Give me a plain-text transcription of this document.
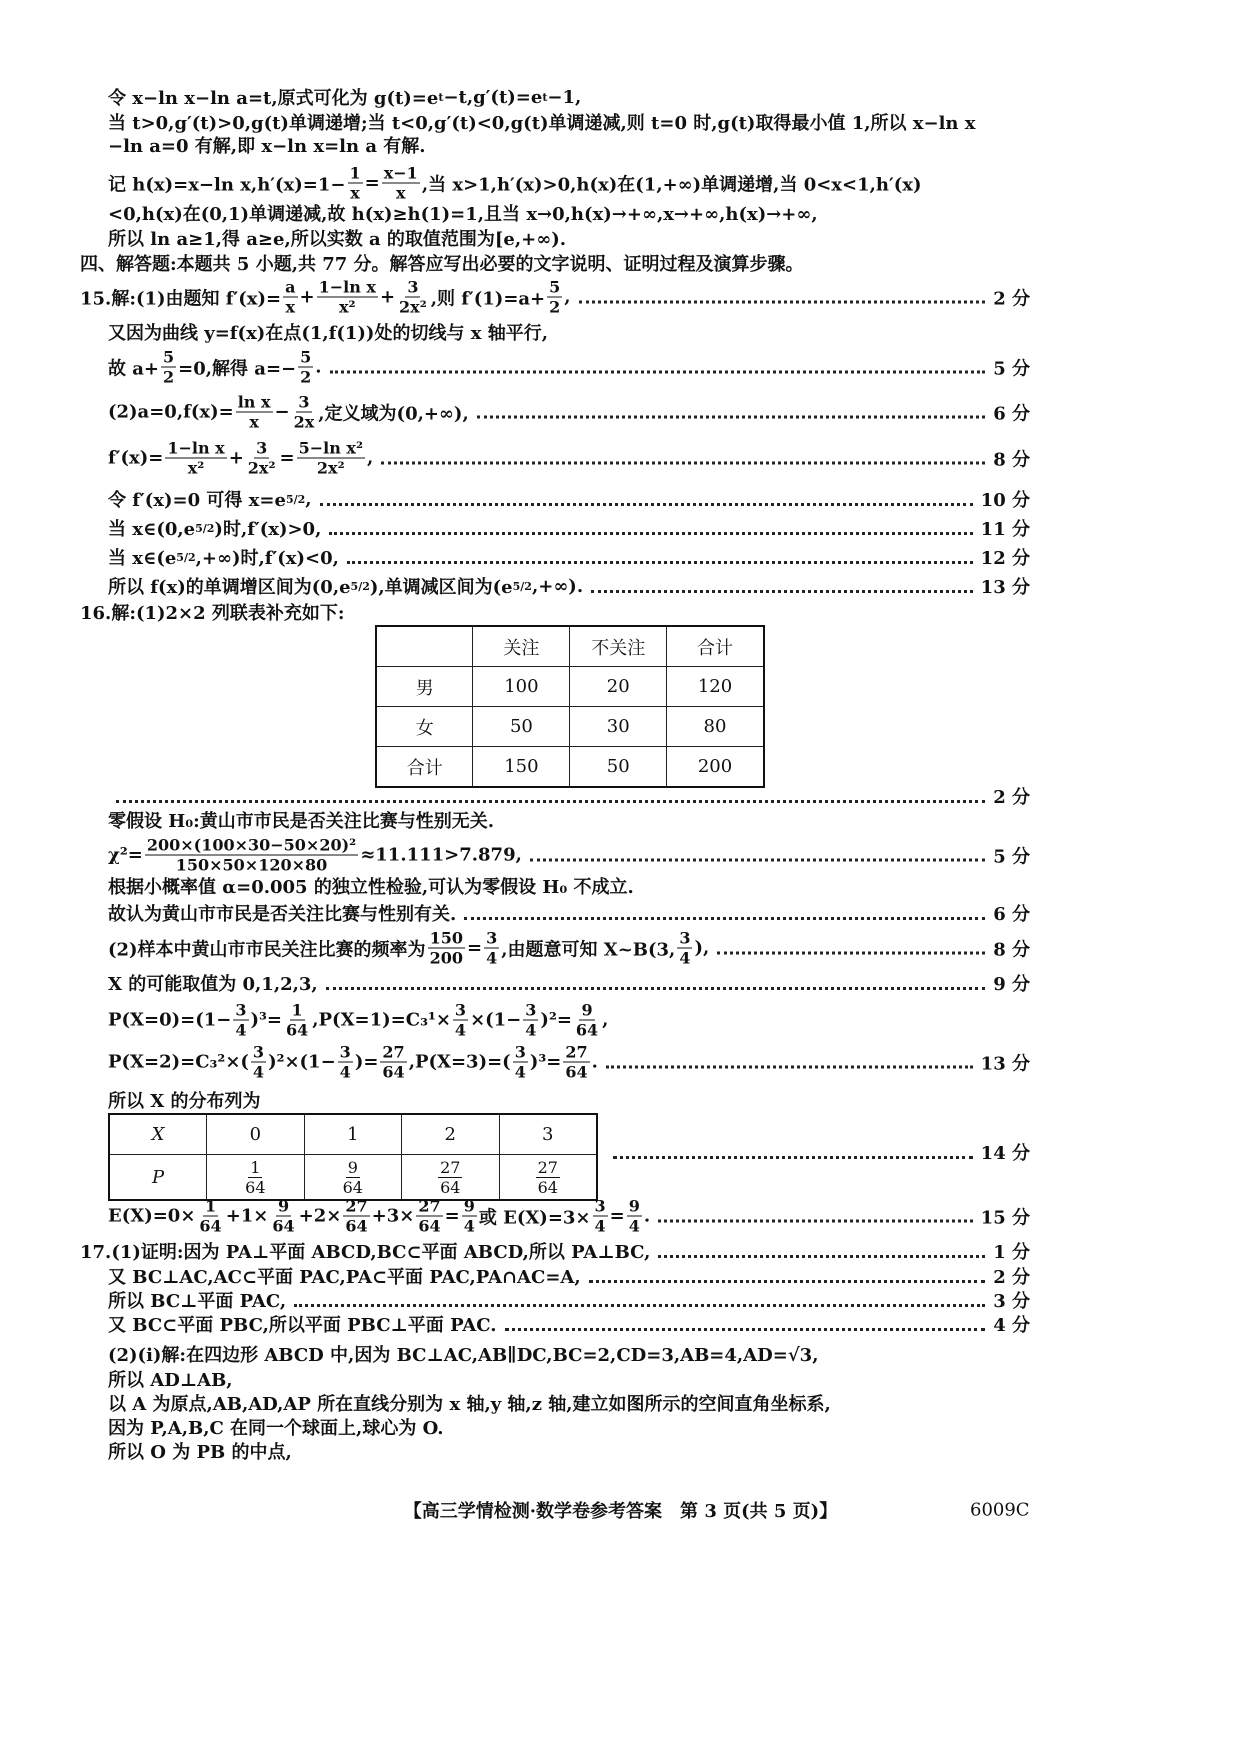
令 x−ln x−ln a=t,原式可化为 g(t)=e t −t,g′(t)=e t −1,
当 t>0,g′(t)>0,g(t)单调递增;当 t<0,g′(t)<0,g(t)单调递减,则 t=0 时,g(t)取得最小值 1,所以 x−ln x
−ln a=0 有解,即 x−ln x=ln a 有解.
记 h(x)=x−ln $x,h'(x)=1- \frac{1}{x} = \frac{x-1}{x}$ ,当 x>1,h′(x)>0,h(x)在(1,+∞)单调递增,当 0<x<1,h′(x)
<0,h(x)在(0,1)单调递减,故 h(x)≥h(1)=1,且当 x→0,h(x)→+∞,x→+∞,h(x)→+∞,
所以 ln a≥1,得 a≥e,所以实数 a 的取值范围为[e,+∞).
四、解答题:本题共 5 小题,共 77 分。解答应写出必要的文字说明、证明过程及演算步骤。
15.解:(1)由题知 $f'(x)= \frac{a}{x} + \frac{\text{1−ln x}}{\text{x²}} + \frac{3}{\text{2x²}}$ ,则 $f'(1)=a+ \frac{5}{2}$ ,	2 分
又因为曲线 y=f(x)在点(1,f(1))处的切线与 x 轴平行,
故 $a+ \frac{5}{2} =0$,解得 $a=- \frac{5}{2}$ .	5 分
$(2)a=0,f(x)= \frac{\text{ln x}}{x} - \frac{3}{2x}$ ,定义域为(0,+∞),	6 分
$f'(x)= \frac{\text{1−ln x}}{\text{x²}} + \frac{3}{\text{2x²}} = \frac{\text{5−ln x²}}{\text{2x²}}$ ,	8 分
令 f′(x)=0 可得 x=e 5/2 ,	10 分
当 x∈(0,e 5/2 )时,f′(x)>0,	11 分
当 x∈(e 5/2 ,+∞)时,f′(x)<0,	12 分
所以 f(x)的单调增区间为(0,e 5/2 ),单调减区间为(e 5/2 ,+∞).	13 分
16.解:(1)2×2 列联表补充如下:
	关注	不关注	合计
男	100	20	120
女	50	30	80
合计	150	50	200
2 分
零假设 H₀:黄山市市民是否关注比赛与性别无关.
$\chi^2= \frac{\text{200×(100×30−50×20)²}}{150\times 50\times 120\times 80} \approx 11.111>7.879$,	5 分
根据小概率值 α=0.005 的独立性检验,可认为零假设 H₀ 不成立.
故认为黄山市市民是否关注比赛与性别有关.	6 分
(2)样本中黄山市市民关注比赛的频率为 $\frac{150}{200} = \frac{3}{4}$ ,由题意可知 X~B(3, $\frac{3}{4}$ ),	8 分
X 的可能取值为 0,1,2,3,	9 分
$P(X=0)=(1- \frac{3}{4} )^3= \frac{1}{64} ,P(X=1)=C_3^1\times \frac{3}{4} \times(1- \frac{3}{4} )^2= \frac{9}{64}$ ,
$P(X=2)=C_3^2\times( \frac{3}{4} )^2\times(1- \frac{3}{4}$ )= $\frac{27}{64} ,P(X=3)=( \frac{3}{4} )^3= \frac{27}{64}$ .	13 分
所以 X 的分布列为
X	0	1	2	3
P	$\frac{1}{64}$	$\frac{9}{64}$	$\frac{27}{64}$	$\frac{27}{64}$
14 分
$E(X)=0\times \frac{1}{64} +1\times \frac{9}{64} +2\times \frac{27}{64} +3\times \frac{27}{64} = \frac{9}{4}$ 或 $E(X)=3\times \frac{3}{4} = \frac{9}{4}$ .	15 分
17.(1)证明:因为 PA⊥平面 ABCD,BC⊂平面 ABCD,所以 PA⊥BC,	1 分
又 BC⊥AC,AC⊂平面 PAC,PA⊂平面 PAC,PA∩AC=A,	2 分
所以 BC⊥平面 PAC,	3 分
又 BC⊂平面 PBC,所以平面 PBC⊥平面 PAC.	4 分
(2)(i)解:在四边形 ABCD 中,因为 BC⊥AC,AB∥DC,BC=2,CD=3,AB=4,AD=√3,
所以 AD⊥AB,
以 A 为原点,AB,AD,AP 所在直线分别为 x 轴,y 轴,z 轴,建立如图所示的空间直角坐标系,
因为 P,A,B,C 在同一个球面上,球心为 O.
所以 O 为 PB 的中点,
【高三学情检测·数学卷参考答案　第 3 页(共 5 页)】	6009C
